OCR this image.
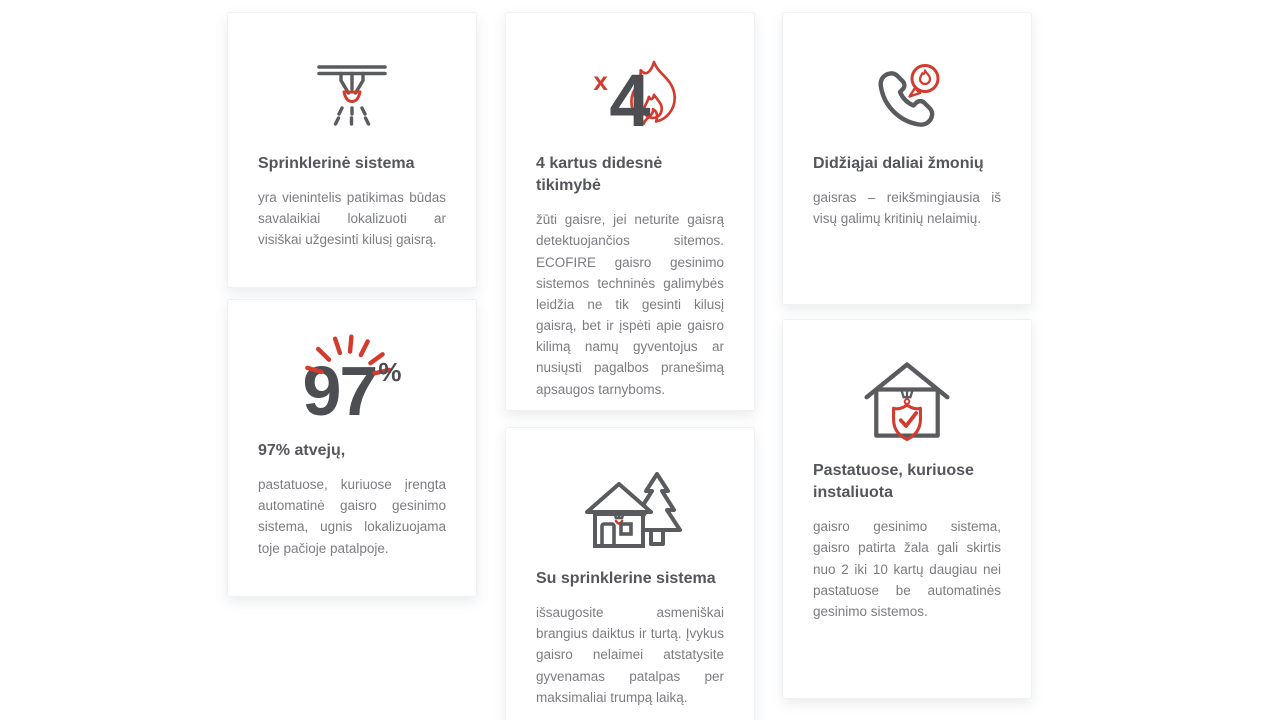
Sprinklerinė sistema

yra vienintelis patikimas būdas savalaikiai lokalizuoti ar visiškai užgesinti kilusį gaisrą.

x 4
4 kartus didesnė tikimybė

žūti gaisre, jei neturite gaisrą detektuojančios sitemos. ECOFIRE gaisro gesinimo sistemos techninės galimybės leidžia ne tik gesinti kilusį gaisrą, bet ir įspėti apie gaisro kilimą namų gyventojus ar nusiųsti pagalbos pranešimą apsaugos tarnyboms.

Didžiąjai daliai žmonių

gaisras – reikšmingiausia iš visų galimų kritinių nelaimių.

97%
97% atvejų,

pastatuose, kuriuose įrengta automatinė gaisro gesinimo sistema, ugnis lokalizuojama toje pačioje patalpoje.

Su sprinklerine sistema

išsaugosite asmeniškai brangius daiktus ir turtą. Įvykus gaisro nelaimei atstatysite gyvenamas patalpas per maksimaliai trumpą laiką.

Pastatuose, kuriuose instaliuota

gaisro gesinimo sistema, gaisro patirta žala gali skirtis nuo 2 iki 10 kartų daugiau nei pastatuose be automatinės gesinimo sistemos.
